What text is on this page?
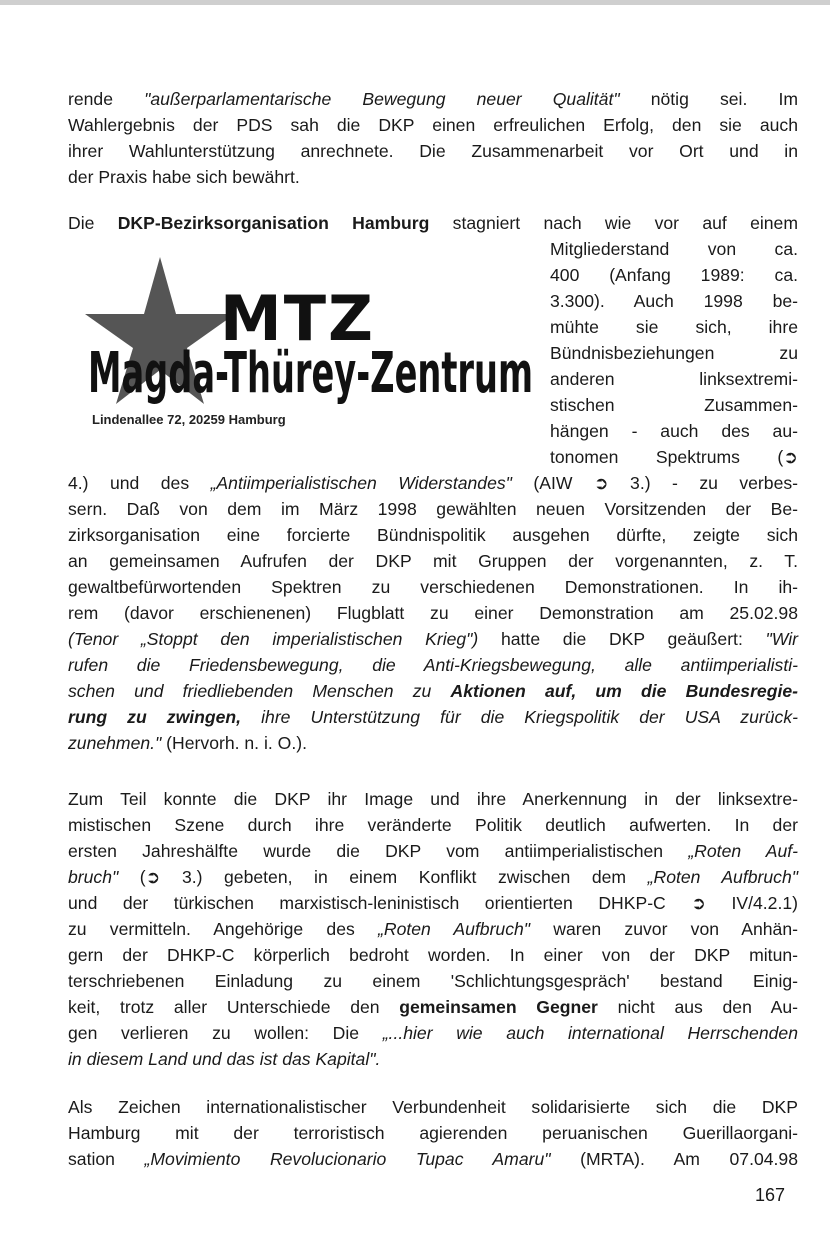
rende "außerparlamentarische Bewegung neuer Qualität" nötig sei. Im
Wahlergebnis der PDS sah die DKP einen erfreulichen Erfolg, den sie auch
ihrer Wahlunterstützung anrechnete. Die Zusammenarbeit vor Ort und in
der Praxis habe sich bewährt.
Die DKP-Bezirksorganisation Hamburg stagniert nach wie vor auf einem
Mitgliederstand von ca.
400 (Anfang 1989: ca.
3.300). Auch 1998 be-
mühte sie sich, ihre
Bündnisbeziehungen zu
anderen linksextremi-
stischen Zusammen-
hängen - auch des au-
tonomen Spektrums (➲
MTZ
Magda-Thürey-Zentrum
Lindenallee 72, 20259 Hamburg
4.) und des „Antiimperialistischen Widerstandes" (AIW ➲ 3.) - zu verbes-
sern. Daß von dem im März 1998 gewählten neuen Vorsitzenden der Be-
zirksorganisation eine forcierte Bündnispolitik ausgehen dürfte, zeigte sich
an gemeinsamen Aufrufen der DKP mit Gruppen der vorgenannten, z. T.
gewaltbefürwortenden Spektren zu verschiedenen Demonstrationen. In ih-
rem (davor erschienenen) Flugblatt zu einer Demonstration am 25.02.98
(Tenor „Stoppt den imperialistischen Krieg") hatte die DKP geäußert: "Wir
rufen die Friedensbewegung, die Anti-Kriegsbewegung, alle antiimperialisti-
schen und friedliebenden Menschen zu Aktionen auf, um die Bundesregie-
rung zu zwingen, ihre Unterstützung für die Kriegspolitik der USA zurück-
zunehmen." (Hervorh. n. i. O.).
Zum Teil konnte die DKP ihr Image und ihre Anerkennung in der linksextre-
mistischen Szene durch ihre veränderte Politik deutlich aufwerten. In der
ersten Jahreshälfte wurde die DKP vom antiimperialistischen „Roten Auf-
bruch" (➲ 3.) gebeten, in einem Konflikt zwischen dem „Roten Aufbruch"
und der türkischen marxistisch-leninistisch orientierten DHKP-C ➲ IV/4.2.1)
zu vermitteln. Angehörige des „Roten Aufbruch" waren zuvor von Anhän-
gern der DHKP-C körperlich bedroht worden. In einer von der DKP mitun-
terschriebenen Einladung zu einem 'Schlichtungsgespräch' bestand Einig-
keit, trotz aller Unterschiede den gemeinsamen Gegner nicht aus den Au-
gen verlieren zu wollen: Die „...hier wie auch international Herrschenden
in diesem Land und das ist das Kapital".
Als Zeichen internationalistischer Verbundenheit solidarisierte sich die DKP
Hamburg mit der terroristisch agierenden peruanischen Guerillaorgani-
sation „Movimiento Revolucionario Tupac Amaru" (MRTA). Am 07.04.98
167
